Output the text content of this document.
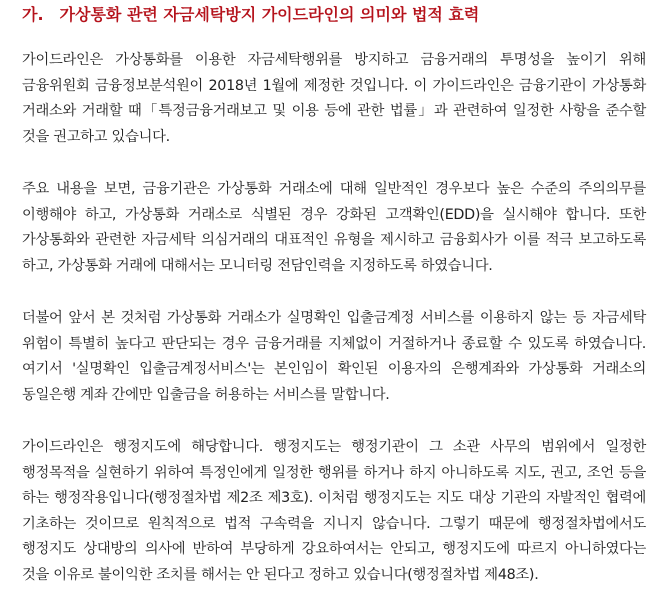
가. 가상통화 관련 자금세탁방지 가이드라인의 의미와 법적 효력

가이드라인은 가상통화를 이용한 자금세탁행위를 방지하고 금융거래의 투명성을 높이기 위해 금융위원회 금융정보분석원이 2018년 1월에 제정한 것입니다. 이 가이드라인은 금융기관이 가상통화 거래소와 거래할 때「특정금융거래보고 및 이용 등에 관한 법률」과 관련하여 일정한 사항을 준수할 것을 권고하고 있습니다.

주요 내용을 보면, 금융기관은 가상통화 거래소에 대해 일반적인 경우보다 높은 수준의 주의의무를 이행해야 하고, 가상통화 거래소로 식별된 경우 강화된 고객확인(EDD)을 실시해야 합니다. 또한 가상통화와 관련한 자금세탁 의심거래의 대표적인 유형을 제시하고 금융회사가 이를 적극 보고하도록 하고, 가상통화 거래에 대해서는 모니터링 전담인력을 지정하도록 하였습니다.

더불어 앞서 본 것처럼 가상통화 거래소가 실명확인 입출금계정 서비스를 이용하지 않는 등 자금세탁 위험이 특별히 높다고 판단되는 경우 금융거래를 지체없이 거절하거나 종료할 수 있도록 하였습니다. 여기서 '실명확인 입출금계정서비스'는 본인임이 확인된 이용자의 은행계좌와 가상통화 거래소의 동일은행 계좌 간에만 입출금을 허용하는 서비스를 말합니다.

가이드라인은 행정지도에 해당합니다. 행정지도는 행정기관이 그 소관 사무의 범위에서 일정한 행정목적을 실현하기 위하여 특정인에게 일정한 행위를 하거나 하지 아니하도록 지도, 권고, 조언 등을 하는 행정작용입니다(행정절차법 제2조 제3호). 이처럼 행정지도는 지도 대상 기관의 자발적인 협력에 기초하는 것이므로 원칙적으로 법적 구속력을 지니지 않습니다. 그렇기 때문에 행정절차법에서도 행정지도 상대방의 의사에 반하여 부당하게 강요하여서는 안되고, 행정지도에 따르지 아니하였다는 것을 이유로 불이익한 조치를 해서는 안 된다고 정하고 있습니다(행정절차법 제48조).
